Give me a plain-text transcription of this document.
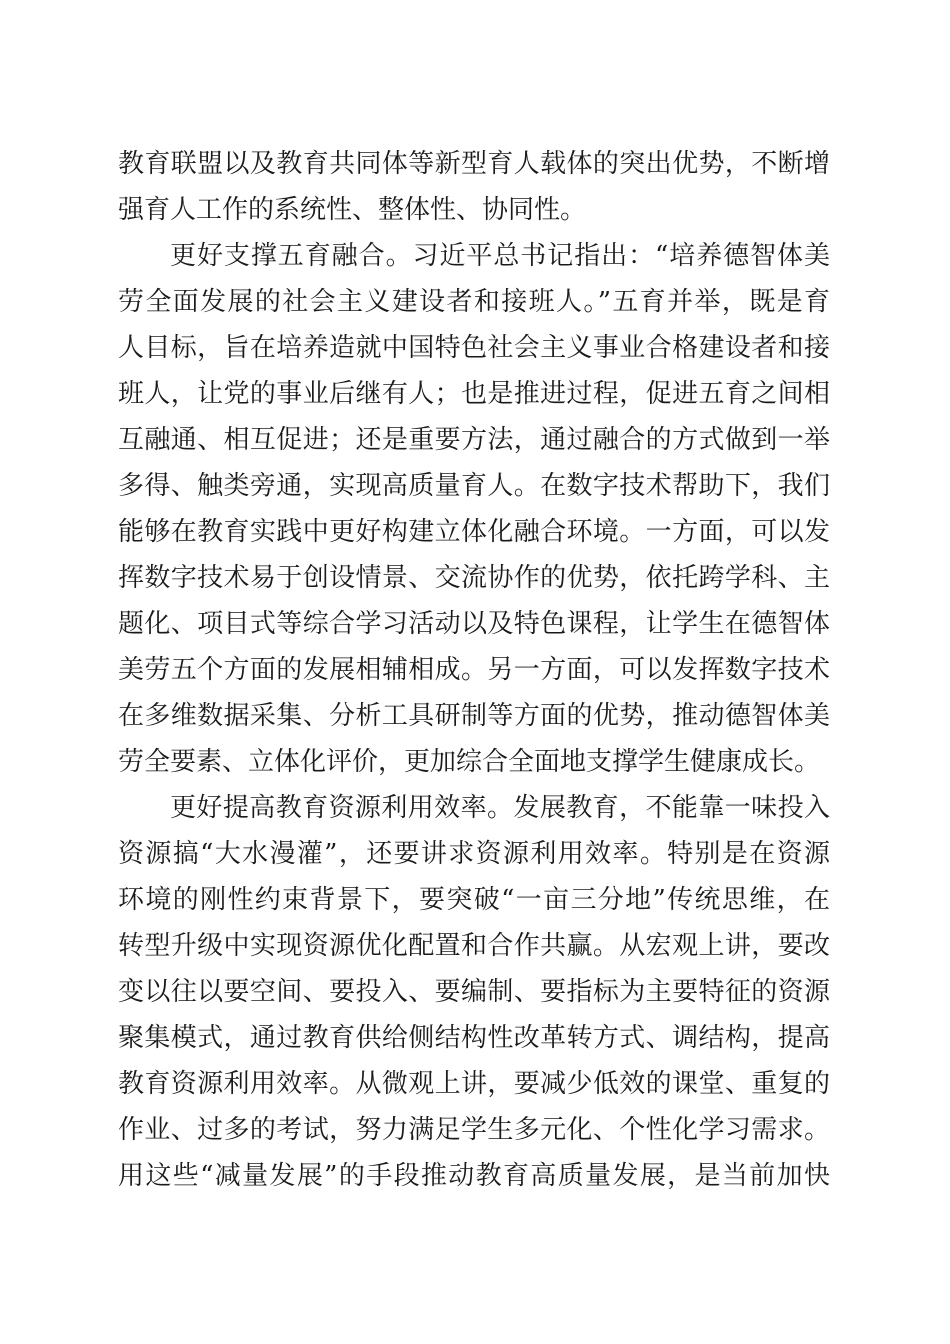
教育联盟以及教育共同体等新型育人载体的突出优势，不断增
强育人工作的系统性、整体性、协同性。
更好支撑五育融合。习近平总书记指出：“培养德智体美
劳全面发展的社会主义建设者和接班人。”五育并举，既是育
人目标，旨在培养造就中国特色社会主义事业合格建设者和接
班人，让党的事业后继有人；也是推进过程，促进五育之间相
互融通、相互促进；还是重要方法，通过融合的方式做到一举
多得、触类旁通，实现高质量育人。在数字技术帮助下，我们
能够在教育实践中更好构建立体化融合环境。一方面，可以发
挥数字技术易于创设情景、交流协作的优势，依托跨学科、主
题化、项目式等综合学习活动以及特色课程，让学生在德智体
美劳五个方面的发展相辅相成。另一方面，可以发挥数字技术
在多维数据采集、分析工具研制等方面的优势，推动德智体美
劳全要素、立体化评价，更加综合全面地支撑学生健康成长。
更好提高教育资源利用效率。发展教育，不能靠一味投入
资源搞“大水漫灌”，还要讲求资源利用效率。特别是在资源
环境的刚性约束背景下，要突破“一亩三分地”传统思维，在
转型升级中实现资源优化配置和合作共赢。从宏观上讲，要改
变以往以要空间、要投入、要编制、要指标为主要特征的资源
聚集模式，通过教育供给侧结构性改革转方式、调结构，提高
教育资源利用效率。从微观上讲，要减少低效的课堂、重复的
作业、过多的考试，努力满足学生多元化、个性化学习需求。
用这些“减量发展”的手段推动教育高质量发展，是当前加快
